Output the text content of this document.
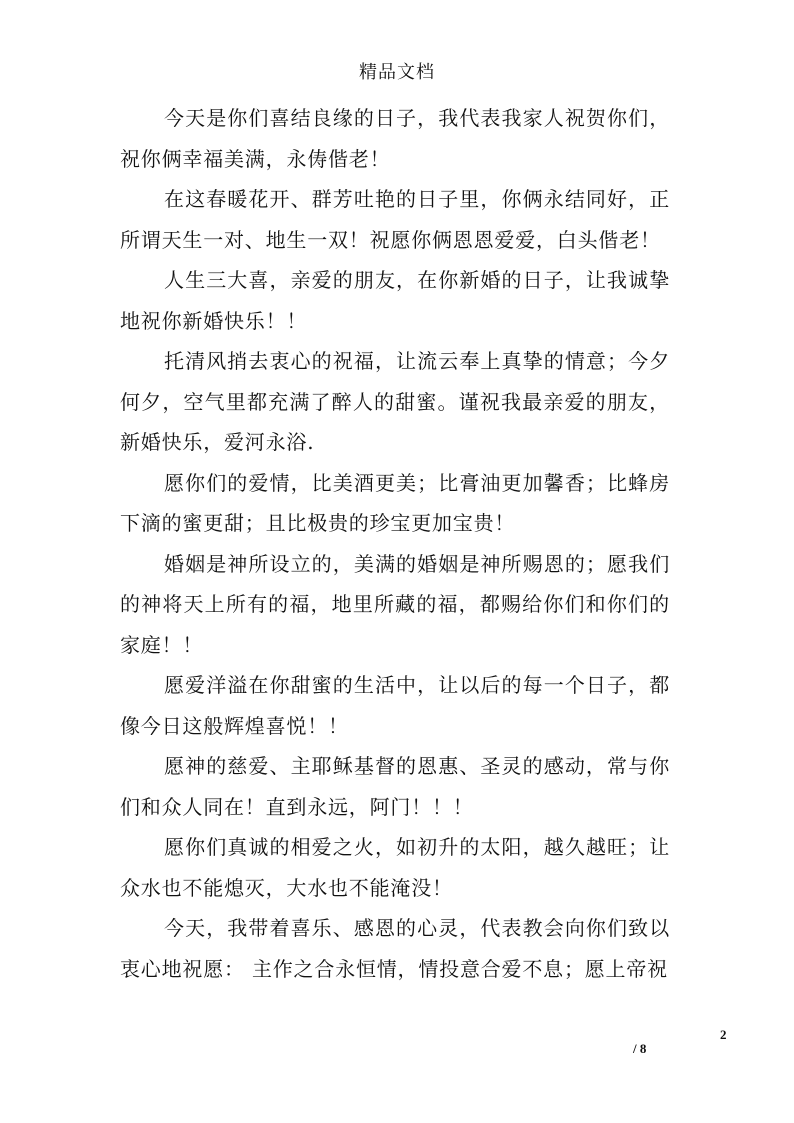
精品文档

今天是你们喜结良缘的日子，我代表我家人祝贺你们，祝你俩幸福美满，永俦偕老！

在这春暖花开、群芳吐艳的日子里，你俩永结同好，正所谓天生一对、地生一双！祝愿你俩恩恩爱爱，白头偕老！

人生三大喜，亲爱的朋友，在你新婚的日子，让我诚挚地祝你新婚快乐！！

托清风捎去衷心的祝福，让流云奉上真挚的情意；今夕何夕，空气里都充满了醉人的甜蜜。谨祝我最亲爱的朋友，新婚快乐，爱河永浴.

愿你们的爱情，比美酒更美；比膏油更加馨香；比蜂房下滴的蜜更甜；且比极贵的珍宝更加宝贵！

婚姻是神所设立的，美满的婚姻是神所赐恩的；愿我们的神将天上所有的福，地里所藏的福，都赐给你们和你们的家庭！！

愿爱洋溢在你甜蜜的生活中，让以后的每一个日子，都像今日这般辉煌喜悦！！

愿神的慈爱、主耶稣基督的恩惠、圣灵的感动，常与你们和众人同在！直到永远，阿门！！！

愿你们真诚的相爱之火，如初升的太阳，越久越旺；让众水也不能熄灭，大水也不能淹没！

今天，我带着喜乐、感恩的心灵，代表教会向你们致以衷心地祝愿： 主作之合永恒情，情投意合爱不息；愿上帝祝

2
/ 8
